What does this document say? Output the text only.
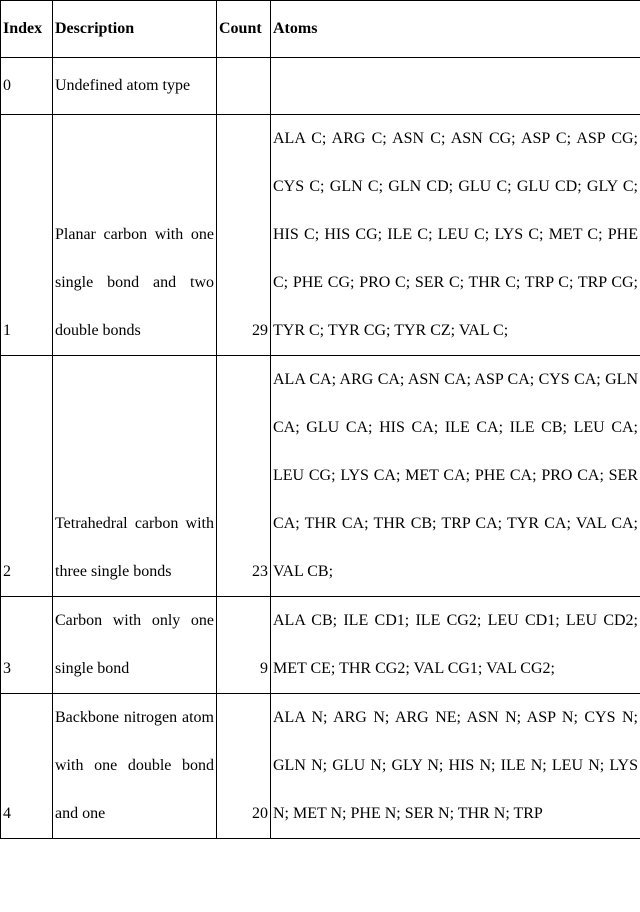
Index	Description	Count	Atoms
0	Undefined atom type		
1	Planar carbon with one single bond and two double bonds	29	ALA C; ARG C; ASN C; ASN CG; ASP C; ASP CG; CYS C; GLN C; GLN CD; GLU C; GLU CD; GLY C; HIS C; HIS CG; ILE C; LEU C; LYS C; MET C; PHE C; PHE CG; PRO C; SER C; THR C; TRP C; TRP CG; TYR C; TYR CG; TYR CZ; VAL C;
2	Tetrahedral carbon with three single bonds	23	ALA CA; ARG CA; ASN CA; ASP CA; CYS CA; GLN CA; GLU CA; HIS CA; ILE CA; ILE CB; LEU CA; LEU CG; LYS CA; MET CA; PHE CA; PRO CA; SER CA; THR CA; THR CB; TRP CA; TYR CA; VAL CA; VAL CB;
3	Carbon with only one single bond	9	ALA CB; ILE CD1; ILE CG2; LEU CD1; LEU CD2; MET CE; THR CG2; VAL CG1; VAL CG2;
4	Backbone nitrogen atom with one double bond and one	20	ALA N; ARG N; ARG NE; ASN N; ASP N; CYS N; GLN N; GLU N; GLY N; HIS N; ILE N; LEU N; LYS N; MET N; PHE N; SER N; THR N; TRP
